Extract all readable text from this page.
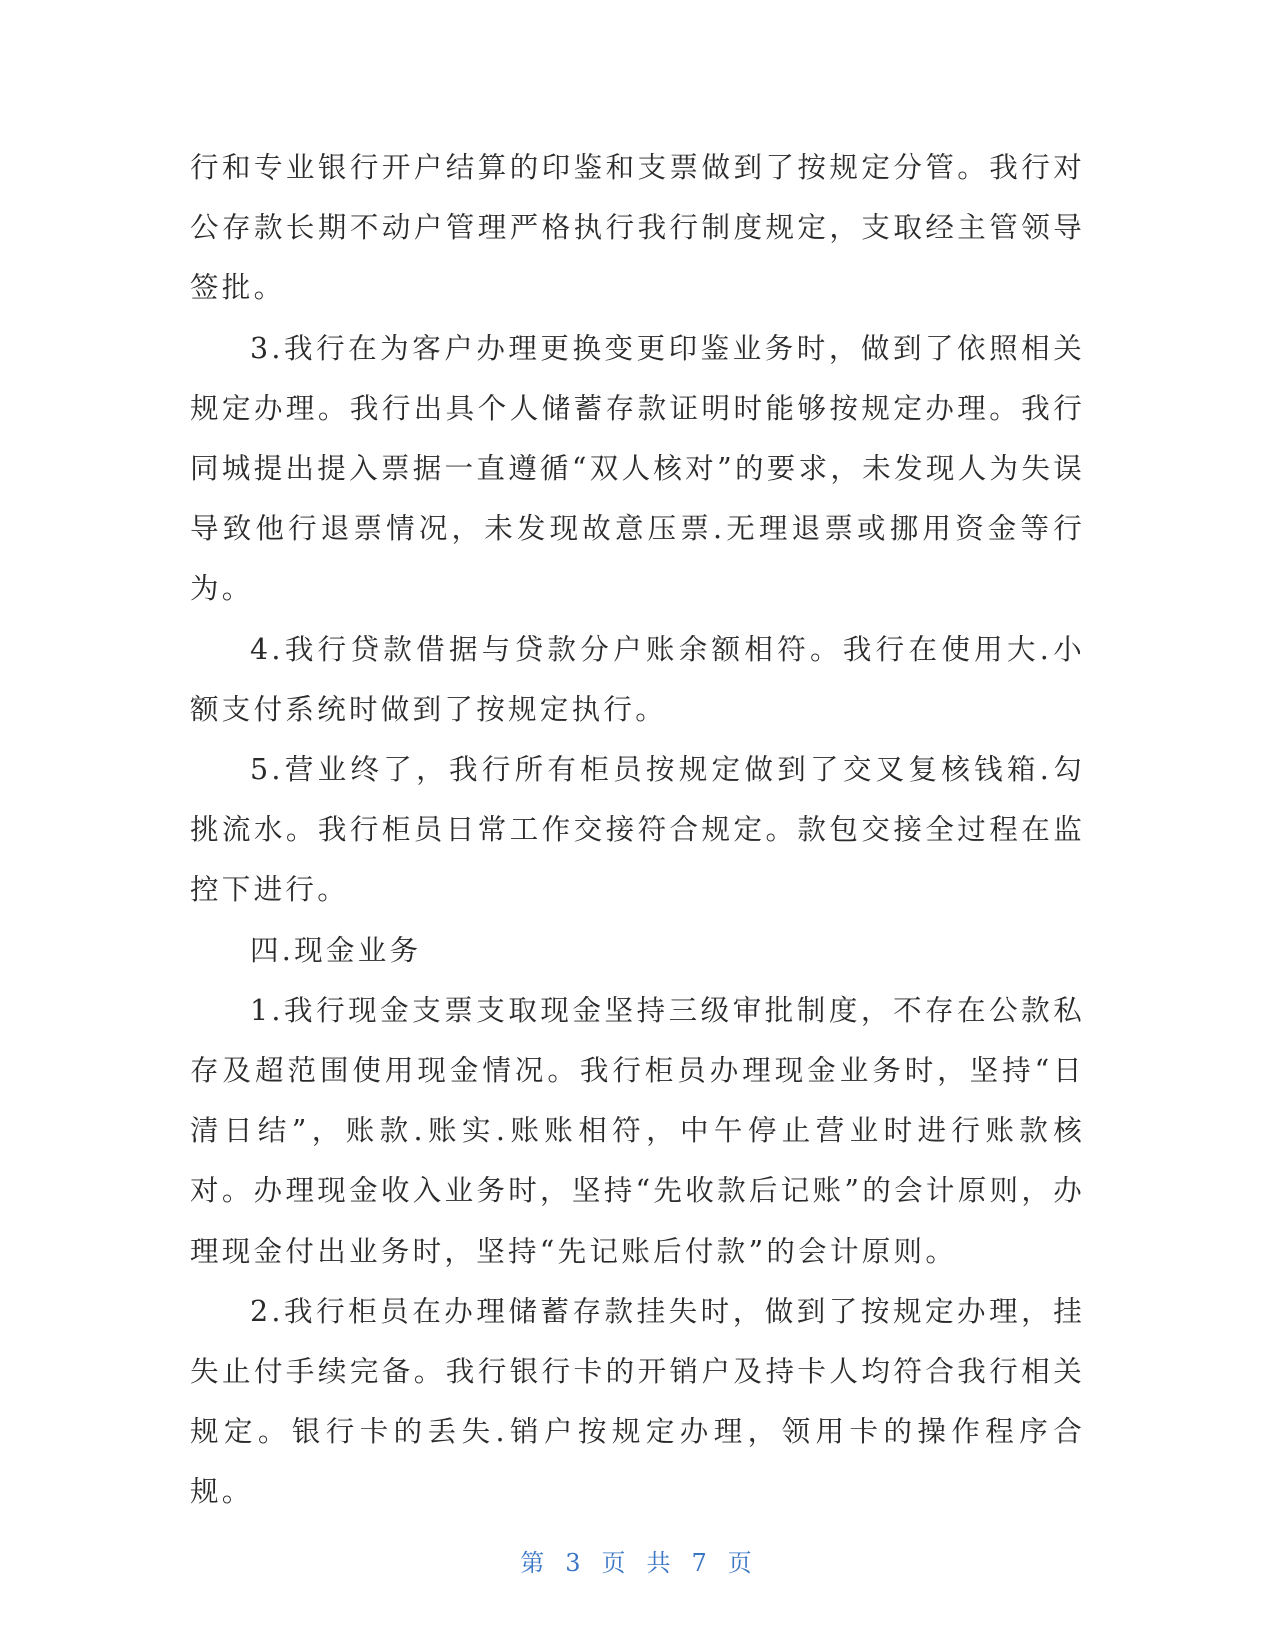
行和专业银行开户结算的印鉴和支票做到了按规定分管。我行对公存款长期不动户管理严格执行我行制度规定，支取经主管领导签批。

3.我行在为客户办理更换变更印鉴业务时，做到了依照相关规定办理。我行出具个人储蓄存款证明时能够按规定办理。我行同城提出提入票据一直遵循“双人核对”的要求，未发现人为失误导致他行退票情况，未发现故意压票.无理退票或挪用资金等行为。

4.我行贷款借据与贷款分户账余额相符。我行在使用大.小额支付系统时做到了按规定执行。

5.营业终了，我行所有柜员按规定做到了交叉复核钱箱.勾挑流水。我行柜员日常工作交接符合规定。款包交接全过程在监控下进行。

四.现金业务

1.我行现金支票支取现金坚持三级审批制度，不存在公款私存及超范围使用现金情况。我行柜员办理现金业务时，坚持“日清日结”，账款.账实.账账相符，中午停止营业时进行账款核对。办理现金收入业务时，坚持“先收款后记账”的会计原则，办理现金付出业务时，坚持“先记账后付款”的会计原则。

2.我行柜员在办理储蓄存款挂失时，做到了按规定办理，挂失止付手续完备。我行银行卡的开销户及持卡人均符合我行相关规定。银行卡的丢失.销户按规定办理，领用卡的操作程序合规。

第 3 页 共 7 页
